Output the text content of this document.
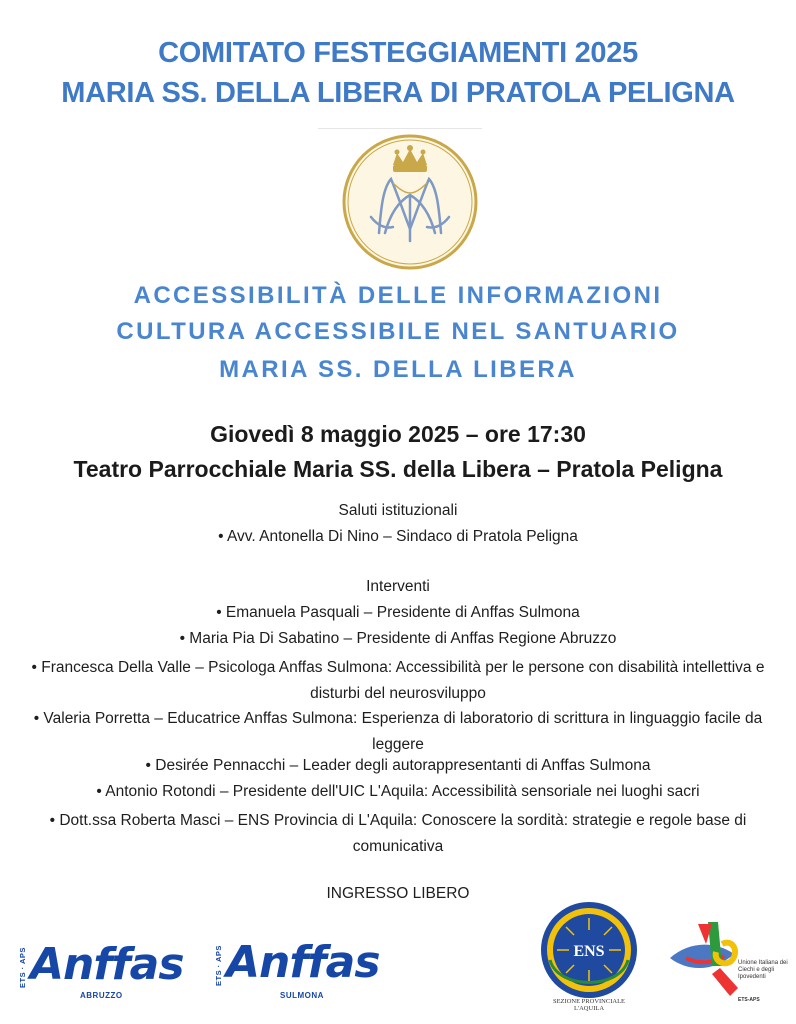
COMITATO FESTEGGIAMENTI 2025
MARIA SS. DELLA LIBERA DI PRATOLA PELIGNA
ACCESSIBILITÀ DELLE INFORMAZIONI
CULTURA ACCESSIBILE NEL SANTUARIO
MARIA SS. DELLA LIBERA
Giovedì 8 maggio 2025 – ore 17:30
Teatro Parrocchiale Maria SS. della Libera – Pratola Peligna
Saluti istituzionali
• Avv. Antonella Di Nino – Sindaco di Pratola Peligna
Interventi
• Emanuela Pasquali – Presidente di Anffas Sulmona
• Maria Pia Di Sabatino – Presidente di Anffas Regione Abruzzo
• Francesca Della Valle – Psicologa Anffas Sulmona: Accessibilità per le persone con disabilità intellettiva e disturbi del neurosviluppo
• Valeria Porretta – Educatrice Anffas Sulmona: Esperienza di laboratorio di scrittura in linguaggio facile da leggere
• Desirée Pennacchi – Leader degli autorappresentanti di Anffas Sulmona
• Antonio Rotondi – Presidente dell'UIC L'Aquila: Accessibilità sensoriale nei luoghi sacri
• Dott.ssa Roberta Masci – ENS Provincia di L'Aquila: Conoscere la sordità: strategie e regole base di comunicativa
INGRESSO LIBERO
ETS · APS Anffas
ABRUZZO
ETS · APS Anffas
SULMONA
ENS
SEZIONE PROVINCIALE L'AQUILA
Unione Italiana dei Ciechi e degli Ipovedenti
ETS-APS
